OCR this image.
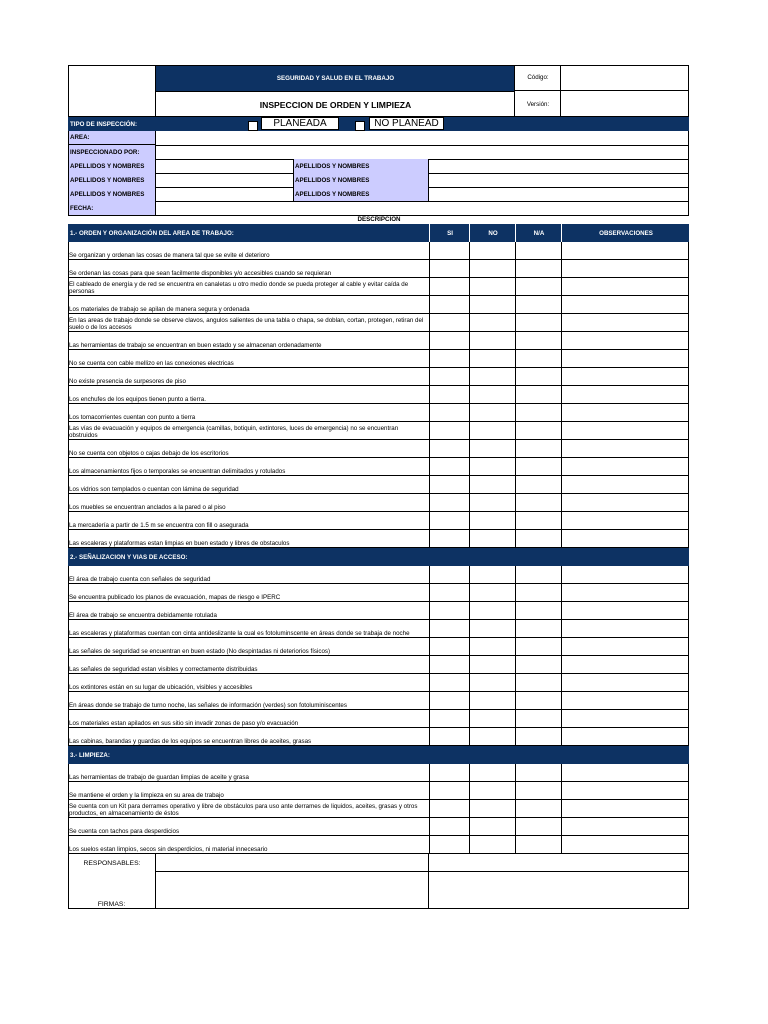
SEGURIDAD Y SALUD EN EL TRABAJO
INSPECCION DE ORDEN Y LIMPIEZA
Código:
Versión:
TIPO DE INSPECCIÓN:	PLANEADA	NO PLANEAD
AREA:
INSPECCIONADO POR:
APELLIDOS Y NOMBRES	APELLIDOS Y NOMBRES
APELLIDOS Y NOMBRES	APELLIDOS Y NOMBRES
APELLIDOS Y NOMBRES	APELLIDOS Y NOMBRES
FECHA:
DESCRIPCION
1.- ORDEN Y ORGANIZACIÓN DEL AREA DE TRABAJO:	SI	NO	N/A	OBSERVACIONES
Se organizan y ordenan las cosas de manera tal que se evite el deterioro
Se ordenan las cosas para que sean facilmente disponibles y/o accesibles cuando se requieran
El cableado de energía y de red se encuentra en canaletas u otro medio donde se pueda proteger al cable y evitar caída de personas
Los materiales de trabajo se apilan de manera segura y ordenada
En las areas de trabajo donde se observe clavos, angulos salientes de una tabla o chapa, se doblan, cortan, protegen, retiran del suelo o de los accesos
Las herramientas de trabajo se encuentran en buen estado y se almacenan ordenadamente
No se cuenta con cable mellizo en las conexiones electricas
No existe presencia de surpesores de piso
Los enchufes de los equipos tienen punto a tierra.
Los tomacorrientes cuentan con punto a tierra
Las vías de evacuación y equipos de emergencia (camillas, botiquin, extintores, luces de emergencia) no se encuentran obstruidos
No se cuenta con objetos o cajas debajo de los escritorios
Los almacenamientos fijos o temporales se encuentran delimitados y rotulados
Los vidrios son templados o cuentan con lámina de seguridad
Los muebles se encuentran anclados a la pared o al piso
La mercadería a partir de 1.5 m se encuentra con fill o asegurada
Las escaleras y plataformas estan limpias en buen estado y libres de obstaculos
2.- SEÑALIZACION Y VIAS DE ACCESO:
El área de trabajo cuenta con señales de seguridad
Se encuentra publicado los planos de evacuación, mapas de riesgo e IPERC
El área de trabajo se encuentra debidamente rotulada
Las escaleras y plataformas cuentan con cinta antideslizante la cual es fotoluminscente en áreas donde se trabaja de noche
Las señales de seguridad se encuentran en buen estado (No despintadas ni deteriorios físicos)
Las señales de seguridad estan visibles y correctamente distribuidas
Los extintores están en su lugar de ubicación, visibles y accesibles
En áreas donde se trabajo de turno noche, las señales de información (verdes) son fotoluminiscentes
Los materiales estan apilados en sus sitio sin invadir zonas de paso y/o evacuación
Las cabinas, barandas y guardas de los equipos se encuentran libres de aceites, grasas
3.- LIMPIEZA:
Las herramientas de trabajo de guardan limpias de aceite y grasa
Se mantiene el orden y la limpieza en su area de trabajo
Se cuenta con un Kit para derrames operativo y libre de obstáculos para uso ante derrames de liquidos, aceites, grasas y otros productos, en almacenamiento de éstos
Se cuenta con tachos para desperdicios
Los suelos estan limpios, secos sin desperdicios, ni material innecesario
RESPONSABLES:
FIRMAS:
